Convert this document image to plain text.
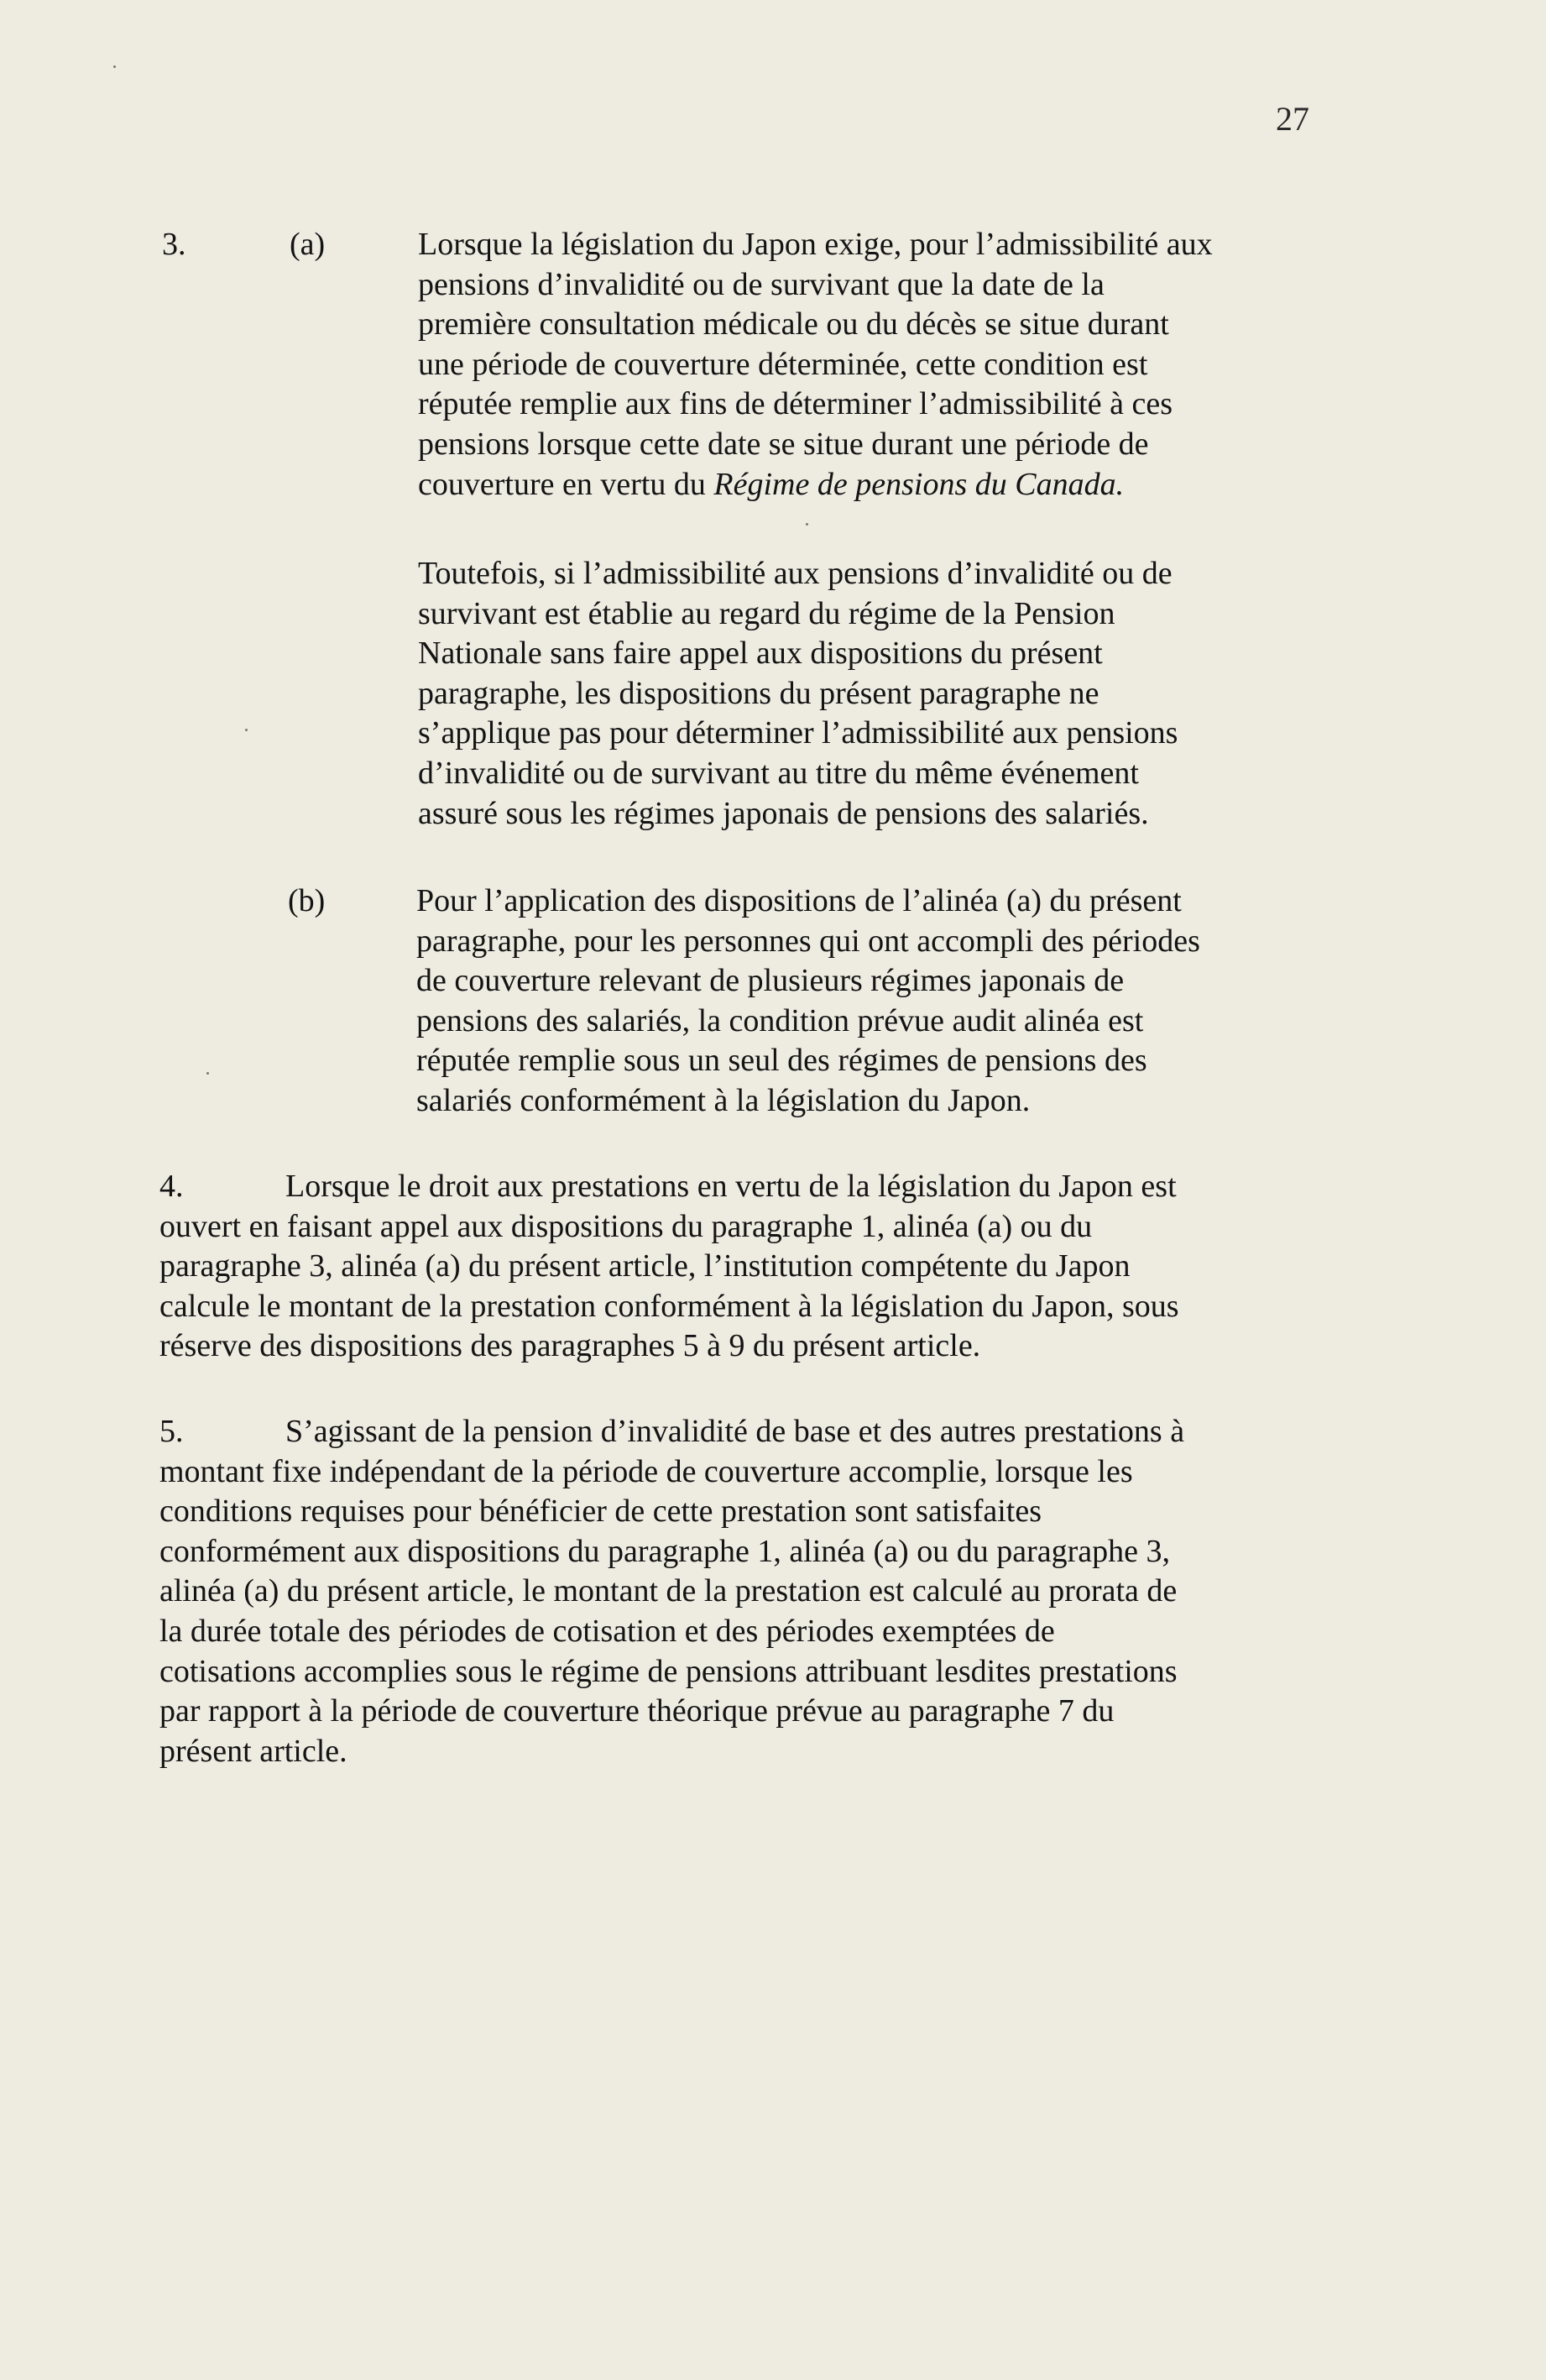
27
3.	(a)	Lorsque la législation du Japon exige, pour l’admissibilité aux
pensions d’invalidité ou de survivant que la date de la
première consultation médicale ou du décès se situe durant
une période de couverture déterminée, cette condition est
réputée remplie aux fins de déterminer l’admissibilité à ces
pensions lorsque cette date se situe durant une période de
couverture en vertu du Régime de pensions du Canada.
Toutefois, si l’admissibilité aux pensions d’invalidité ou de
survivant est établie au regard du régime de la Pension
Nationale sans faire appel aux dispositions du présent
paragraphe, les dispositions du présent paragraphe ne
s’applique pas pour déterminer l’admissibilité aux pensions
d’invalidité ou de survivant au titre du même événement
assuré sous les régimes japonais de pensions des salariés.
(b)	Pour l’application des dispositions de l’alinéa (a) du présent
paragraphe, pour les personnes qui ont accompli des périodes
de couverture relevant de plusieurs régimes japonais de
pensions des salariés, la condition prévue audit alinéa est
réputée remplie sous un seul des régimes de pensions des
salariés conformément à la législation du Japon.
4.	Lorsque le droit aux prestations en vertu de la législation du Japon est
ouvert en faisant appel aux dispositions du paragraphe 1, alinéa (a) ou du
paragraphe 3, alinéa (a) du présent article, l’institution compétente du Japon
calcule le montant de la prestation conformément à la législation du Japon, sous
réserve des dispositions des paragraphes 5 à 9 du présent article.
5.	S’agissant de la pension d’invalidité de base et des autres prestations à
montant fixe indépendant de la période de couverture accomplie, lorsque les
conditions requises pour bénéficier de cette prestation sont satisfaites
conformément aux dispositions du paragraphe 1, alinéa (a) ou du paragraphe 3,
alinéa (a) du présent article, le montant de la prestation est calculé au prorata de
la durée totale des périodes de cotisation et des périodes exemptées de
cotisations accomplies sous le régime de pensions attribuant lesdites prestations
par rapport à la période de couverture théorique prévue au paragraphe 7 du
présent article.
